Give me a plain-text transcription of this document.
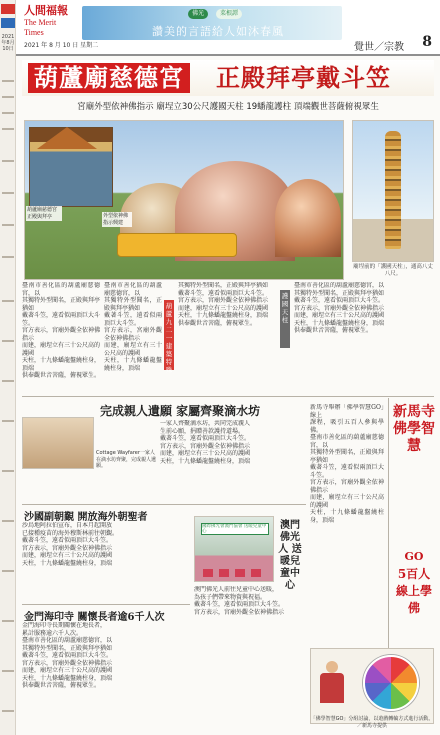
2021年8月10日
人間福報
The Merit Times
佛光	菜根譚
讚美的言語給人如沐春風
2021 年 8 月 10 日 星期二	覺世／宗教 8
葫蘆廟慈德宮 正殿拜亭戴斗笠
宮廟外型依神佛指示 廟埕立30公尺護國天柱 19蟠龍護柱 頂端觀世菩薩俯視眾生
葫蘆廟慈德宮正殿與拜亭	外型依神佛指示興建
廟埕前的「護國天柱」，通高八丈八尺。
臺南市善化區的葫蘆廟慈德宮，以
其獨特外型聞名，正殿與拜亭猶如
戴著斗笠，遠看似兩頂巨大斗笠。
宮方表示，宮廟外觀全依神佛指示
而建，廟埕立有三十公尺高的護國
天柱，十九條蟠龍盤繞柱身，頂端
供奉觀世音菩薩，俯視眾生。
葫蘆九二一 建築特殊
臺南市善化區的葫蘆廟慈德宮，以
其獨特外型聞名，正殿與拜亭猶如
戴著斗笠，遠看似兩頂巨大斗笠。
宮方表示，宮廟外觀全依神佛指示
而建，廟埕立有三十公尺高的護國
天柱，十九條蟠龍盤繞柱身，頂端
其獨特外型聞名，正殿與拜亭猶如
戴著斗笠，遠看似兩頂巨大斗笠。
宮方表示，宮廟外觀全依神佛指示
而建，廟埕立有三十公尺高的護國
天柱，十九條蟠龍盤繞柱身，頂端
供奉觀世音菩薩，俯視眾生。
護國天柱
臺南市善化區的葫蘆廟慈德宮，以
其獨特外型聞名，正殿與拜亭猶如
戴著斗笠，遠看似兩頂巨大斗笠。
宮方表示，宮廟外觀全依神佛指示
而建，廟埕立有三十公尺高的護國
天柱，十九條蟠龍盤繞柱身，頂端
供奉觀世音菩薩，俯視眾生。
完成親人遺願 家屬齊聚滴水坊
Cottage Wayfarer一家人在滴水坊齊聚，完成親人遺願。
一家人齊聚滴水坊，共同完成親人
生前心願，捐贈善款護持道場。
戴著斗笠，遠看似兩頂巨大斗笠。
宮方表示，宮廟外觀全依神佛指示
而建，廟埕立有三十公尺高的護國
天柱，十九條蟠龍盤繞柱身，頂端
新馬寺佛學智慧
GO
5百人線上學佛
新馬寺舉辦「佛學智慧GO」線上
課程，吸引五百人參與學佛。
臺南市善化區的葫蘆廟慈德宮，以
其獨特外型聞名，正殿與拜亭猶如
戴著斗笠，遠看似兩頂巨大斗笠。
宮方表示，宮廟外觀全依神佛指示
而建，廟埕立有三十公尺高的護國
天柱，十九條蟠龍盤繞柱身，頂端
沙國副朝覲 開放海外朝聖者
沙烏地阿拉伯宣布，自本月起開放
已接種疫苗的海外穆斯林前往朝覲。
戴著斗笠，遠看似兩頂巨大斗笠。
宮方表示，宮廟外觀全依神佛指示
而建，廟埕立有三十公尺高的護國
天柱，十九條蟠龍盤繞柱身，頂端
國際佛光會澳門協會 送暖兒童中心
澳門佛光人 送暖兒童中心
澳門佛光人前往兒童中心送暖，
為孩子們帶來物資與祝福。
戴著斗笠，遠看似兩頂巨大斗笠。
宮方表示，宮廟外觀全依神佛指示
金門海印寺 關懷長者逾6千人次
金門海印寺長期關懷在地長者，
累計服務逾六千人次。
臺南市善化區的葫蘆廟慈德宮，以
其獨特外型聞名，正殿與拜亭猶如
戴著斗笠，遠看似兩頂巨大斗笠。
宮方表示，宮廟外觀全依神佛指示
而建，廟埕立有三十公尺高的護國
天柱，十九條蟠龍盤繞柱身，頂端
供奉觀世音菩薩，俯視眾生。
「佛學智慧GO」分組討論，以遊戲轉輪方式進行活動。／新馬寺提供
